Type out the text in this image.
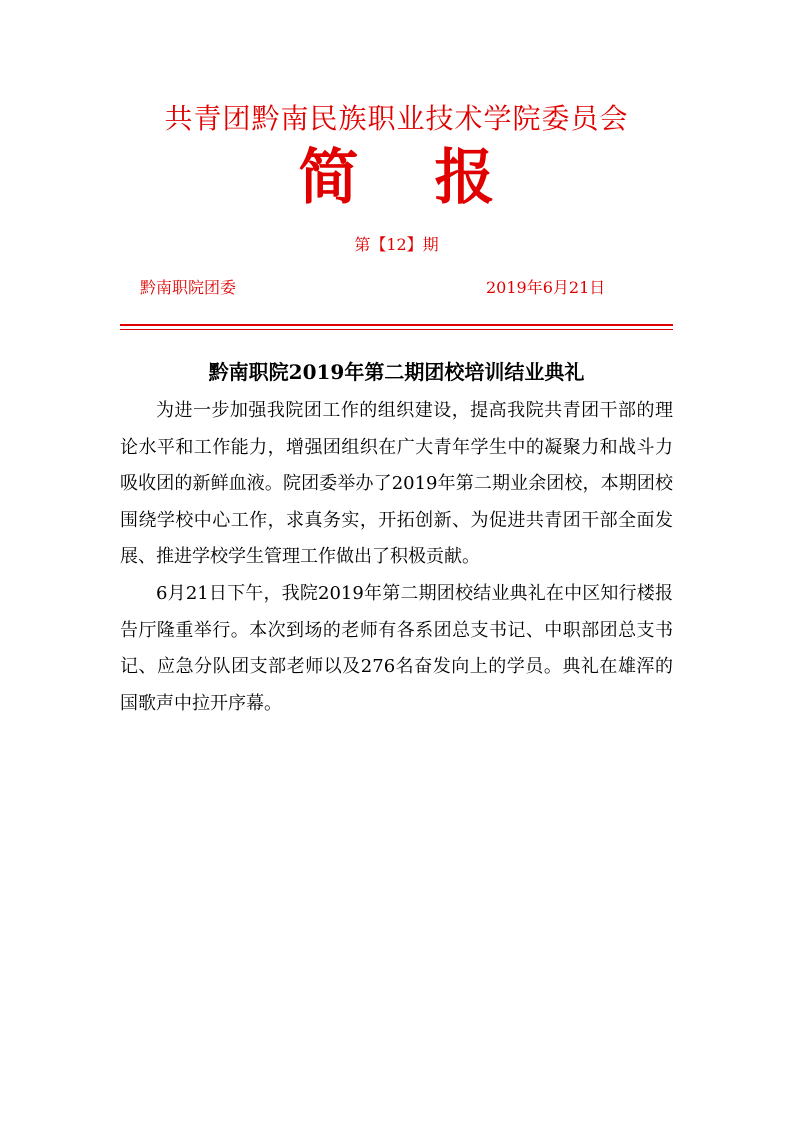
共青团黔南民族职业技术学院委员会
简报
第【12】期
黔南职院团委	2019年6月21日
黔南职院2019年第二期团校培训结业典礼

为进一步加强我院团工作的组织建设，提高我院共青团干部的理论水平和工作能力，增强团组织在广大青年学生中的凝聚力和战斗力吸收团的新鲜血液。院团委举办了2019年第二期业余团校，本期团校围绕学校中心工作，求真务实，开拓创新、为促进共青团干部全面发展、推进学校学生管理工作做出了积极贡献。

6月21日下午，我院2019年第二期团校结业典礼在中区知行楼报告厅隆重举行。本次到场的老师有各系团总支书记、中职部团总支书记、应急分队团支部老师以及276名奋发向上的学员。典礼在雄浑的国歌声中拉开序幕。
